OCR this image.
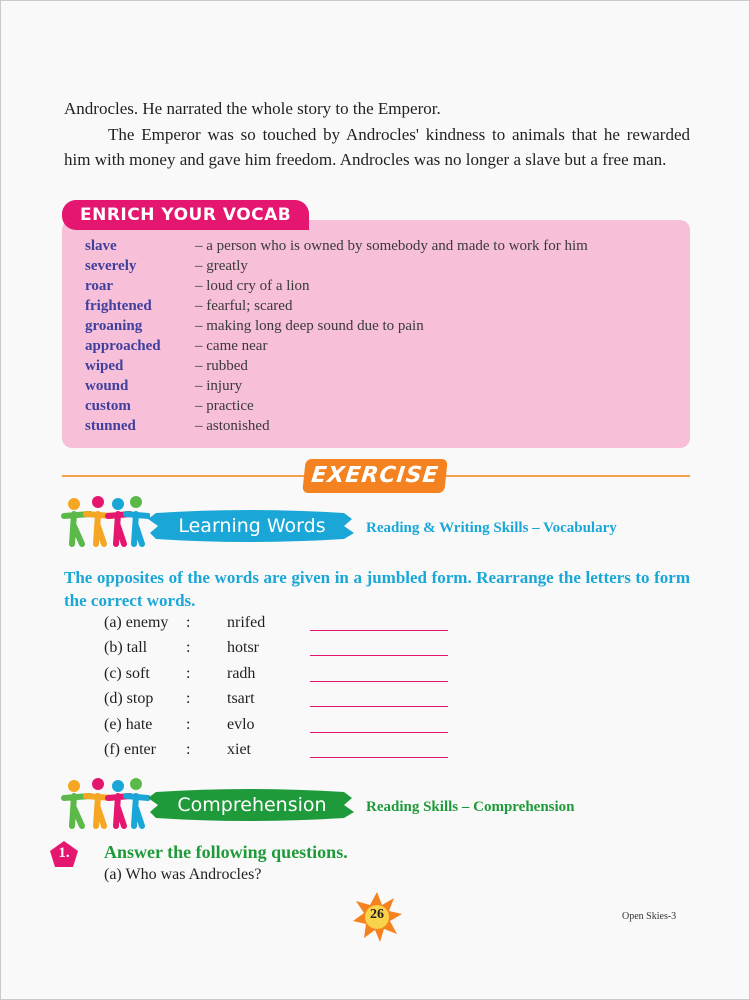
Androcles. He narrated the whole story to the Emperor.
The Emperor was so touched by Androcles' kindness to animals that he rewarded him with money and gave him freedom. Androcles was no longer a slave but a free man.
ENRICH YOUR VOCAB
slave	– a person who is owned by somebody and made to work for him
severely	– greatly
roar	– loud cry of a lion
frightened	– fearful; scared
groaning	– making long deep sound due to pain
approached	– came near
wiped	– rubbed
wound	– injury
custom	– practice
stunned	– astonished
EXERCISE
Learning Words	Reading & Writing Skills – Vocabulary
The opposites of the words are given in a jumbled form. Rearrange the letters to form the correct words.
(a) enemy : nrifed
(b) tall : hotsr
(c) soft : radh
(d) stop : tsart
(e) hate : evlo
(f) enter : xiet
Comprehension	Reading Skills – Comprehension
1.	Answer the following questions.
(a) Who was Androcles?
26	Open Skies-3
